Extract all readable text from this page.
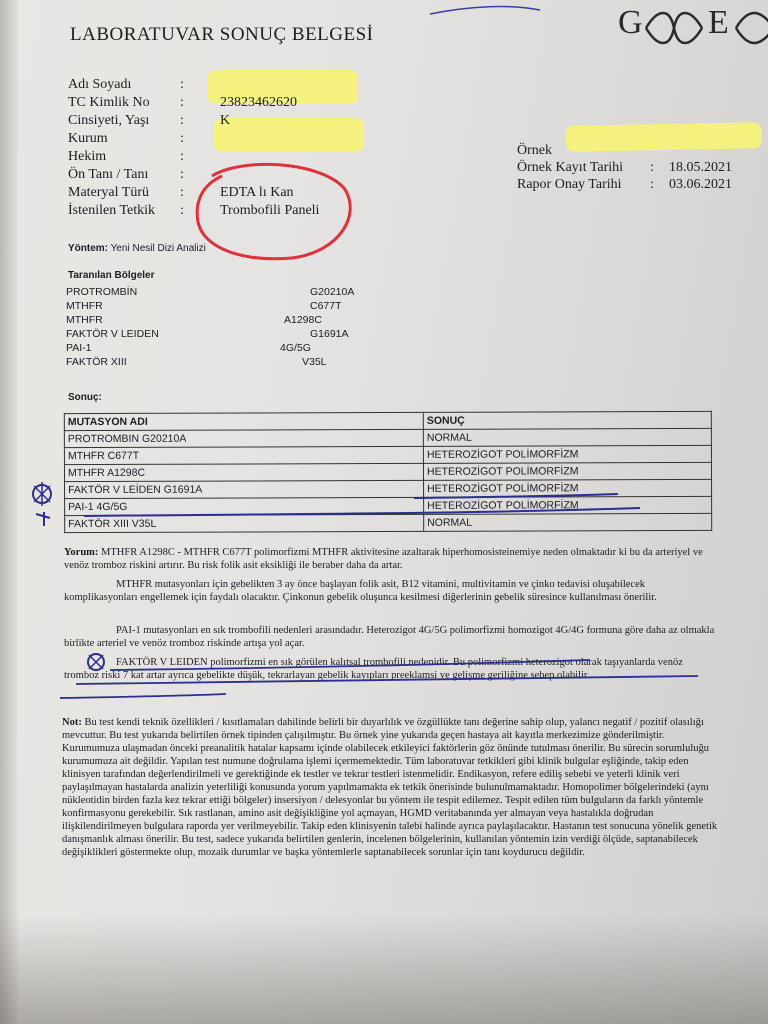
LABORATUVAR SONUÇ BELGESİ	G E
Adı Soyadı	:
TC Kimlik No :	23823462620
Cinsiyeti, Yaşı :	K
Kurum	:
Hekim	:
Ön Tanı / Tanı :
Materyal Türü :	EDTA lı Kan
İstenilen Tetkik :	Trombofili Paneli
Örnek
Örnek Kayıt Tarihi : 18.05.2021
Rapor Onay Tarihi : 03.06.2021
Yöntem: Yeni Nesil Dizi Analizi
Taranılan Bölgeler
PROTROMBİN	G20210A
MTHFR	C677T
MTHFR	A1298C
FAKTÖR V LEIDEN	G1691A
PAI-1	4G/5G
FAKTÖR XIII	V35L
Sonuç:
MUTASYON ADI	SONUÇ
PROTROMBIN G20210A	NORMAL
MTHFR C677T	HETEROZİGOT POLİMORFİZM
MTHFR A1298C	HETEROZİGOT POLİMORFİZM
FAKTÖR V LEİDEN G1691A	HETEROZİGOT POLİMORFİZM
PAI-1 4G/5G	HETEROZİGOT POLİMORFİZM
FAKTÖR XIII V35L	NORMAL
Yorum: MTHFR A1298C - MTHFR C677T polimorfizmi MTHFR aktivitesine azaltarak hiperhomosisteinemiye neden olmaktadır ki bu da arteriyel ve venöz tromboz riskini artırır. Bu risk folik asit eksikliği ile beraber daha da artar.
MTHFR mutasyonları için gebelikten 3 ay önce başlayan folik asit, B12 vitamini, multivitamin ve çinko tedavisi oluşabilecek komplikasyonları engellemek için faydalı olacaktır. Çinkonun gebelik oluşunca kesilmesi diğerlerinin gebelik süresince kullanılması önerilir.
PAI-1 mutasyonları en sık trombofili nedenleri arasındadır. Heterozigot 4G/5G polimorfizmi homozigot 4G/4G formuna göre daha az olmakla birlikte arteriel ve venöz tromboz riskinde artışa yol açar.
FAKTÖR V LEIDEN polimorfizmi en sık görülen kalıtsal trombofili nedenidir. Bu polimorfizmi heterozigot olarak taşıyanlarda venöz tromboz riski 7 kat artar ayrıca gebelikte düşük, tekrarlayan gebelik kayıpları preeklamsi ve gelişme geriliğine sebep olabilir.
Not: Bu test kendi teknik özellikleri / kısıtlamaları dahilinde belirli bir duyarlılık ve özgüllükte tanı değerine sahip olup, yalancı negatif / pozitif olasılığı mevcuttur. Bu test yukarıda belirtilen örnek tipinden çalışılmıştır. Bu örnek yine yukarıda geçen hastaya ait kayıtla merkezimize gönderilmiştir. Kurumumuza ulaşmadan önceki preanalitik hatalar kapsamı içinde olabilecek etkileyici faktörlerin göz önünde tutulması önerilir. Bu sürecin sorumluluğu kurumumuza ait değildir. Yapılan test numune doğrulama işlemi içermemektedir. Tüm laboratuvar tetkikleri gibi klinik bulgular eşliğinde, takip eden klinisyen tarafından değerlendirilmeli ve gerektiğinde ek testler ve tekrar testleri istenmelidir. Endikasyon, refere ediliş sebebi ve yeterli klinik veri paylaşılmayan hastalarda analizin yeterliliği konusunda yorum yapılmamakta ek tetkik önerisinde bulunulmamaktadır. Homopolimer bölgelerindeki (aynı nükleotidin birden fazla kez tekrar ettiği bölgeler) insersiyon / delesyonlar bu yöntem ile tespit edilemez. Tespit edilen tüm bulguların da farklı yöntemle konfirmasyonu gerekebilir. Sık rastlanan, amino asit değişikliğine yol açmayan, HGMD veritabanında yer almayan veya hastalıkla doğrudan ilişkilendirilmeyen bulgulara raporda yer verilmeyebilir. Takip eden klinisyenin talebi halinde ayrıca paylaşılacaktır. Hastanın test sonucuna yönelik genetik danışmanlık alması önerilir. Bu test, sadece yukarıda belirtilen genlerin, incelenen bölgelerinin, kullanılan yöntemin izin verdiği ölçüde, saptanabilecek değişiklikleri göstermekte olup, mozaik durumlar ve başka yöntemlerle saptanabilecek sorunlar için tanı koydurucu değildir.
